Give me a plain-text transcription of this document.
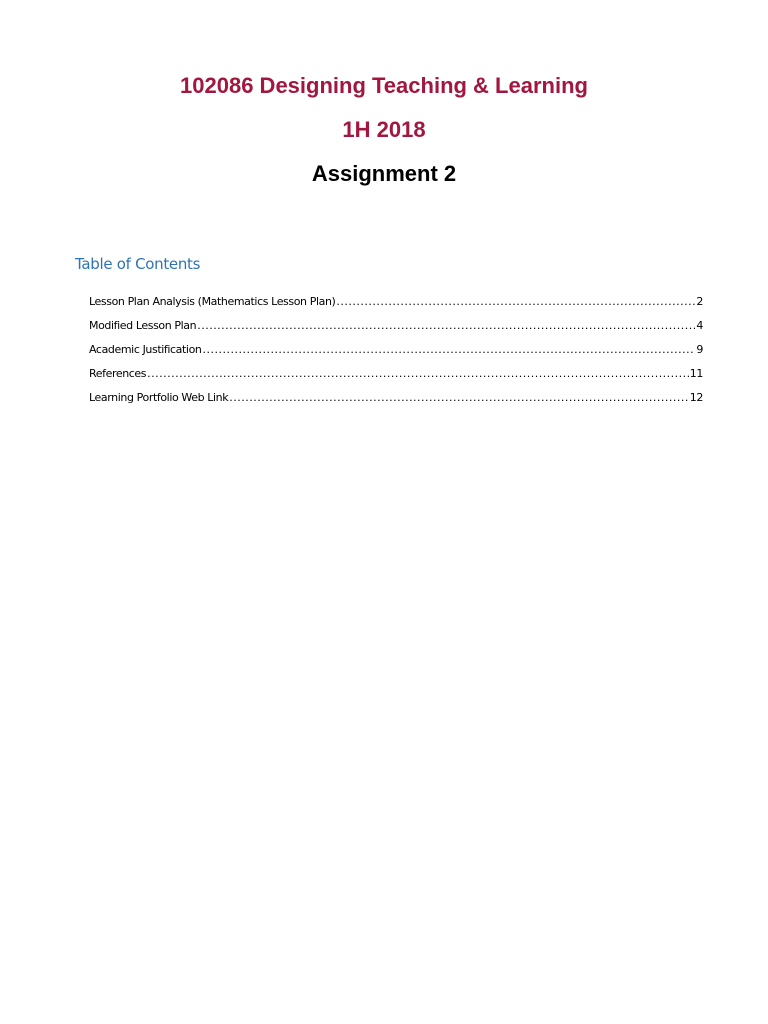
102086 Designing Teaching & Learning
1H 2018
Assignment 2
Table of Contents
Lesson Plan Analysis (Mathematics Lesson Plan) .....	2
Modified Lesson Plan .....	4
Academic Justification .....	9
References .....	11
Learning Portfolio Web Link .....	12
